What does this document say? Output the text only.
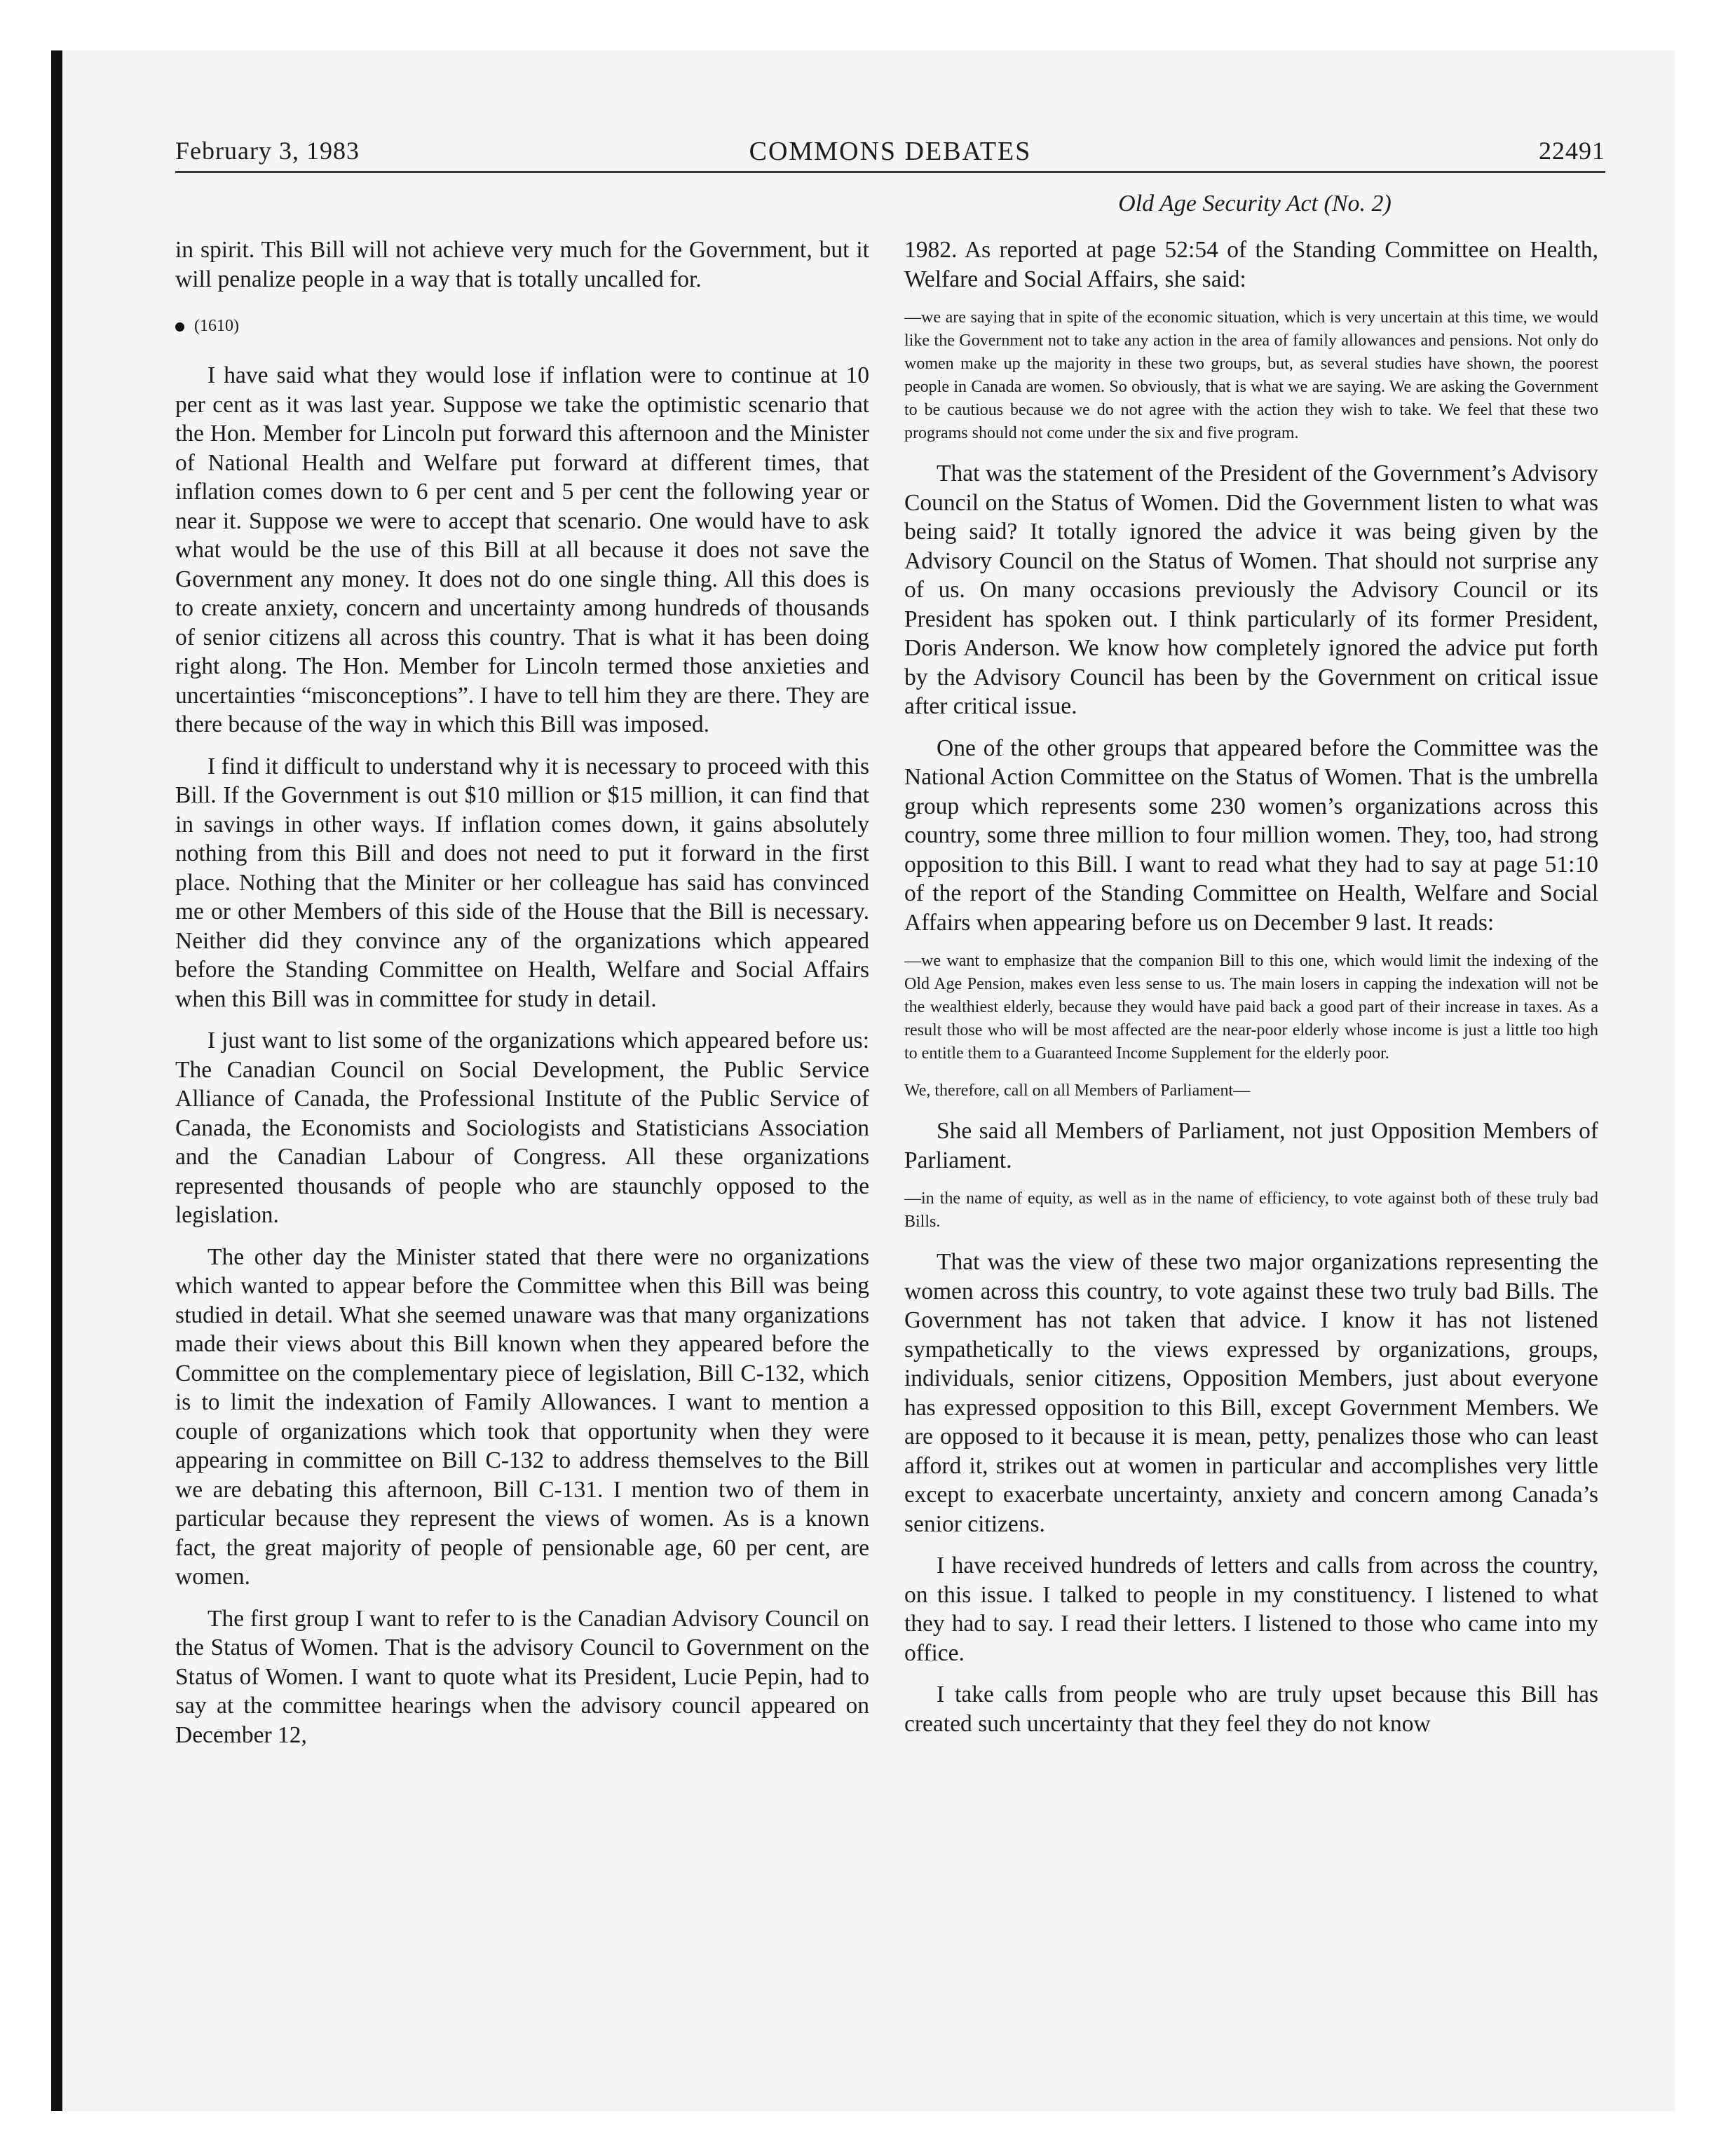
February 3, 1983	COMMONS DEBATES	22491
Old Age Security Act (No. 2)

in spirit. This Bill will not achieve very much for the Government, but it will penalize people in a way that is totally uncalled for.

(1610)

I have said what they would lose if inflation were to continue at 10 per cent as it was last year. Suppose we take the optimistic scenario that the Hon. Member for Lincoln put forward this afternoon and the Minister of National Health and Welfare put forward at different times, that inflation comes down to 6 per cent and 5 per cent the following year or near it. Suppose we were to accept that scenario. One would have to ask what would be the use of this Bill at all because it does not save the Government any money. It does not do one single thing. All this does is to create anxiety, concern and uncertainty among hundreds of thousands of senior citizens all across this country. That is what it has been doing right along. The Hon. Member for Lincoln termed those anxieties and uncertainties “misconceptions”. I have to tell him they are there. They are there because of the way in which this Bill was imposed.

I find it difficult to understand why it is necessary to proceed with this Bill. If the Government is out $10 million or $15 million, it can find that in savings in other ways. If inflation comes down, it gains absolutely nothing from this Bill and does not need to put it forward in the first place. Nothing that the Miniter or her colleague has said has convinced me or other Members of this side of the House that the Bill is necessary. Neither did they convince any of the organizations which appeared before the Standing Committee on Health, Welfare and Social Affairs when this Bill was in committee for study in detail.

I just want to list some of the organizations which appeared before us: The Canadian Council on Social Development, the Public Service Alliance of Canada, the Professional Institute of the Public Service of Canada, the Economists and Sociologists and Statisticians Association and the Canadian Labour of Congress. All these organizations represented thousands of people who are staunchly opposed to the legislation.

The other day the Minister stated that there were no organizations which wanted to appear before the Committee when this Bill was being studied in detail. What she seemed unaware was that many organizations made their views about this Bill known when they appeared before the Committee on the complementary piece of legislation, Bill C-132, which is to limit the indexation of Family Allowances. I want to mention a couple of organizations which took that opportunity when they were appearing in committee on Bill C-132 to address themselves to the Bill we are debating this afternoon, Bill C-131. I mention two of them in particular because they represent the views of women. As is a known fact, the great majority of people of pensionable age, 60 per cent, are women.

The first group I want to refer to is the Canadian Advisory Council on the Status of Women. That is the advisory Council to Government on the Status of Women. I want to quote what its President, Lucie Pepin, had to say at the committee hearings when the advisory council appeared on December 12,

1982. As reported at page 52:54 of the Standing Committee on Health, Welfare and Social Affairs, she said:

—we are saying that in spite of the economic situation, which is very uncertain at this time, we would like the Government not to take any action in the area of family allowances and pensions. Not only do women make up the majority in these two groups, but, as several studies have shown, the poorest people in Canada are women. So obviously, that is what we are saying. We are asking the Government to be cautious because we do not agree with the action they wish to take. We feel that these two programs should not come under the six and five program.

That was the statement of the President of the Government’s Advisory Council on the Status of Women. Did the Government listen to what was being said? It totally ignored the advice it was being given by the Advisory Council on the Status of Women. That should not surprise any of us. On many occasions previously the Advisory Council or its President has spoken out. I think particularly of its former President, Doris Anderson. We know how completely ignored the advice put forth by the Advisory Council has been by the Government on critical issue after critical issue.

One of the other groups that appeared before the Committee was the National Action Committee on the Status of Women. That is the umbrella group which represents some 230 women’s organizations across this country, some three million to four million women. They, too, had strong opposition to this Bill. I want to read what they had to say at page 51:10 of the report of the Standing Committee on Health, Welfare and Social Affairs when appearing before us on December 9 last. It reads:

—we want to emphasize that the companion Bill to this one, which would limit the indexing of the Old Age Pension, makes even less sense to us. The main losers in capping the indexation will not be the wealthiest elderly, because they would have paid back a good part of their increase in taxes. As a result those who will be most affected are the near-poor elderly whose income is just a little too high to entitle them to a Guaranteed Income Supplement for the elderly poor.

We, therefore, call on all Members of Parliament—

She said all Members of Parliament, not just Opposition Members of Parliament.

—in the name of equity, as well as in the name of efficiency, to vote against both of these truly bad Bills.

That was the view of these two major organizations representing the women across this country, to vote against these two truly bad Bills. The Government has not taken that advice. I know it has not listened sympathetically to the views expressed by organizations, groups, individuals, senior citizens, Opposition Members, just about everyone has expressed opposition to this Bill, except Government Members. We are opposed to it because it is mean, petty, penalizes those who can least afford it, strikes out at women in particular and accomplishes very little except to exacerbate uncertainty, anxiety and concern among Canada’s senior citizens.

I have received hundreds of letters and calls from across the country, on this issue. I talked to people in my constituency. I listened to what they had to say. I read their letters. I listened to those who came into my office.

I take calls from people who are truly upset because this Bill has created such uncertainty that they feel they do not know
